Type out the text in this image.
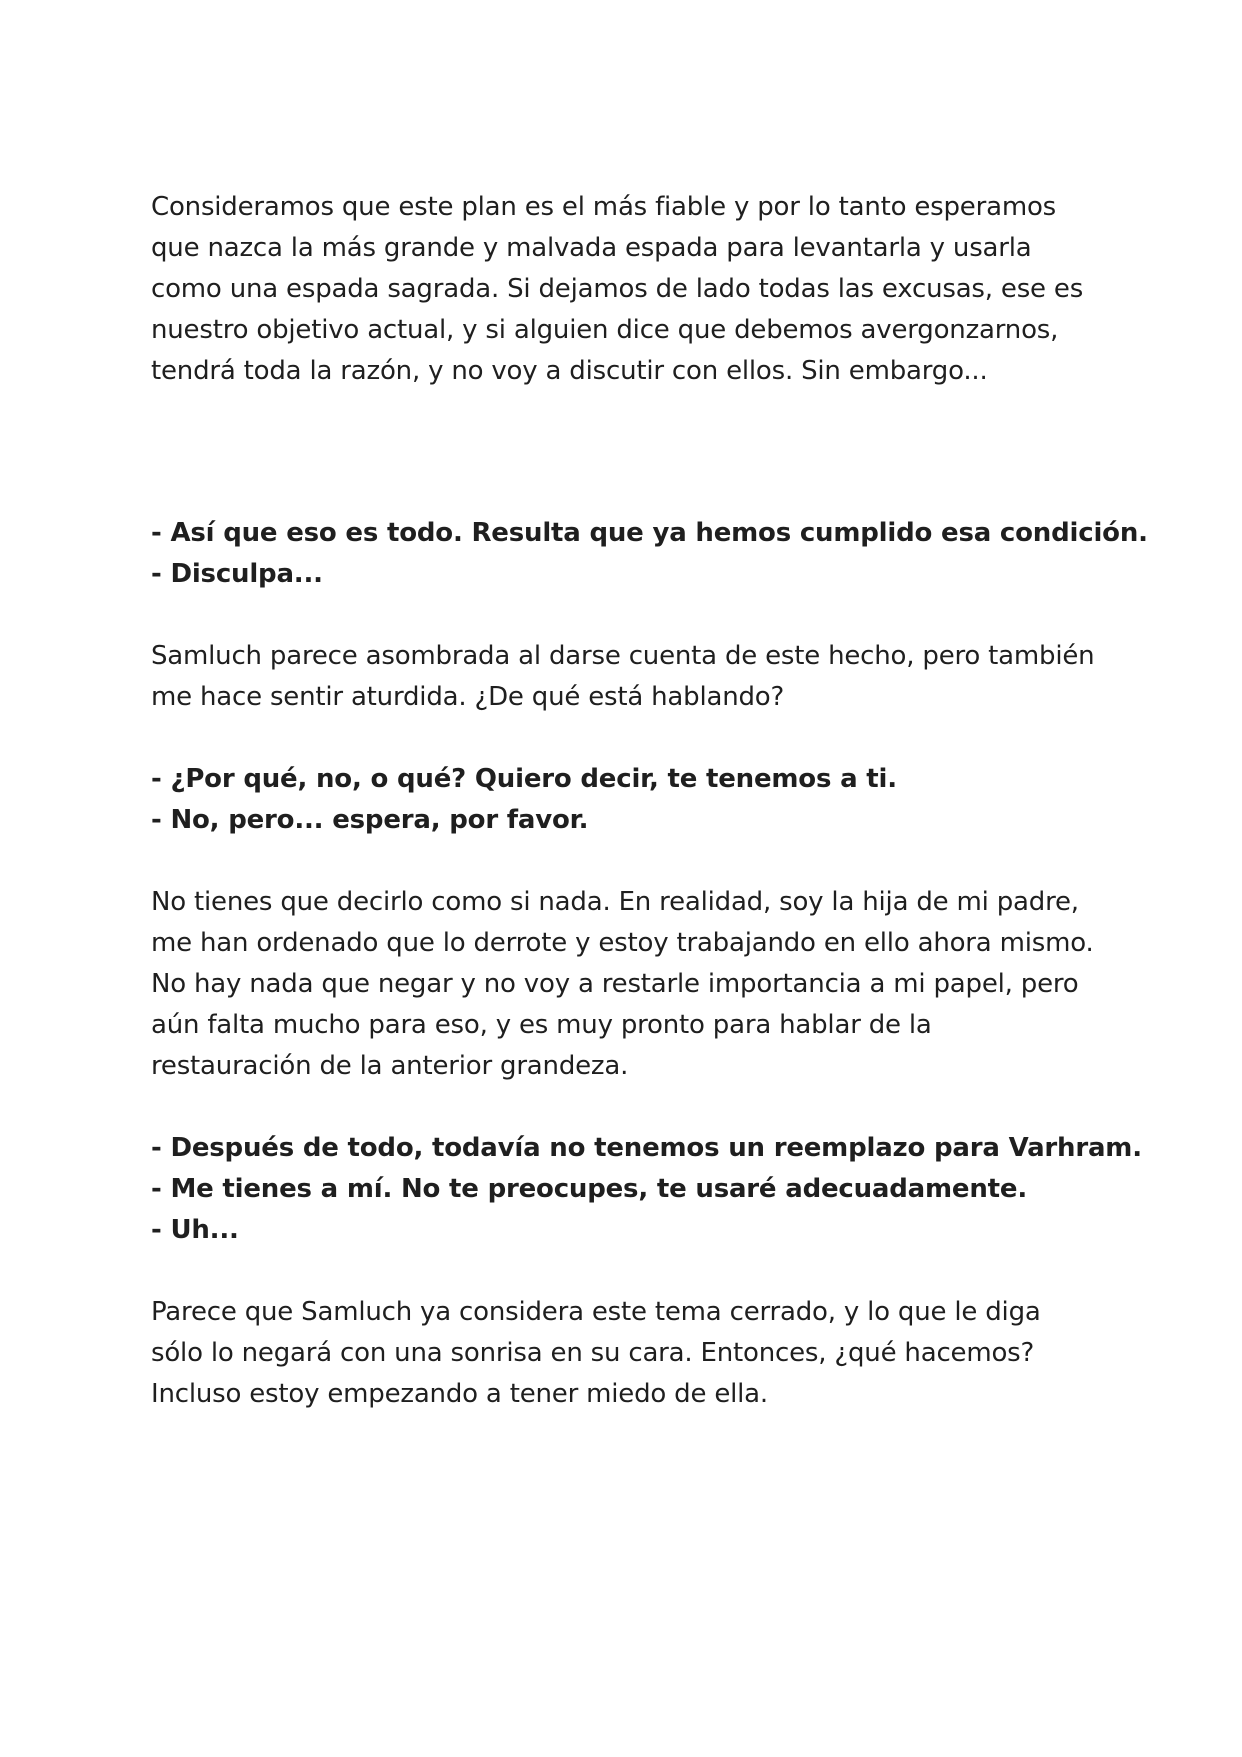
Consideramos que este plan es el más fiable y por lo tanto esperamos
que nazca la más grande y malvada espada para levantarla y usarla
como una espada sagrada. Si dejamos de lado todas las excusas, ese es
nuestro objetivo actual, y si alguien dice que debemos avergonzarnos,
tendrá toda la razón, y no voy a discutir con ellos. Sin embargo...

- Así que eso es todo. Resulta que ya hemos cumplido esa condición.
- Disculpa...

Samluch parece asombrada al darse cuenta de este hecho, pero también
me hace sentir aturdida. ¿De qué está hablando?

- ¿Por qué, no, o qué? Quiero decir, te tenemos a ti.
- No, pero... espera, por favor.

No tienes que decirlo como si nada. En realidad, soy la hija de mi padre,
me han ordenado que lo derrote y estoy trabajando en ello ahora mismo.
No hay nada que negar y no voy a restarle importancia a mi papel, pero
aún falta mucho para eso, y es muy pronto para hablar de la
restauración de la anterior grandeza.

- Después de todo, todavía no tenemos un reemplazo para Varhram.
- Me tienes a mí. No te preocupes, te usaré adecuadamente.
- Uh...

Parece que Samluch ya considera este tema cerrado, y lo que le diga
sólo lo negará con una sonrisa en su cara. Entonces, ¿qué hacemos?
Incluso estoy empezando a tener miedo de ella.
